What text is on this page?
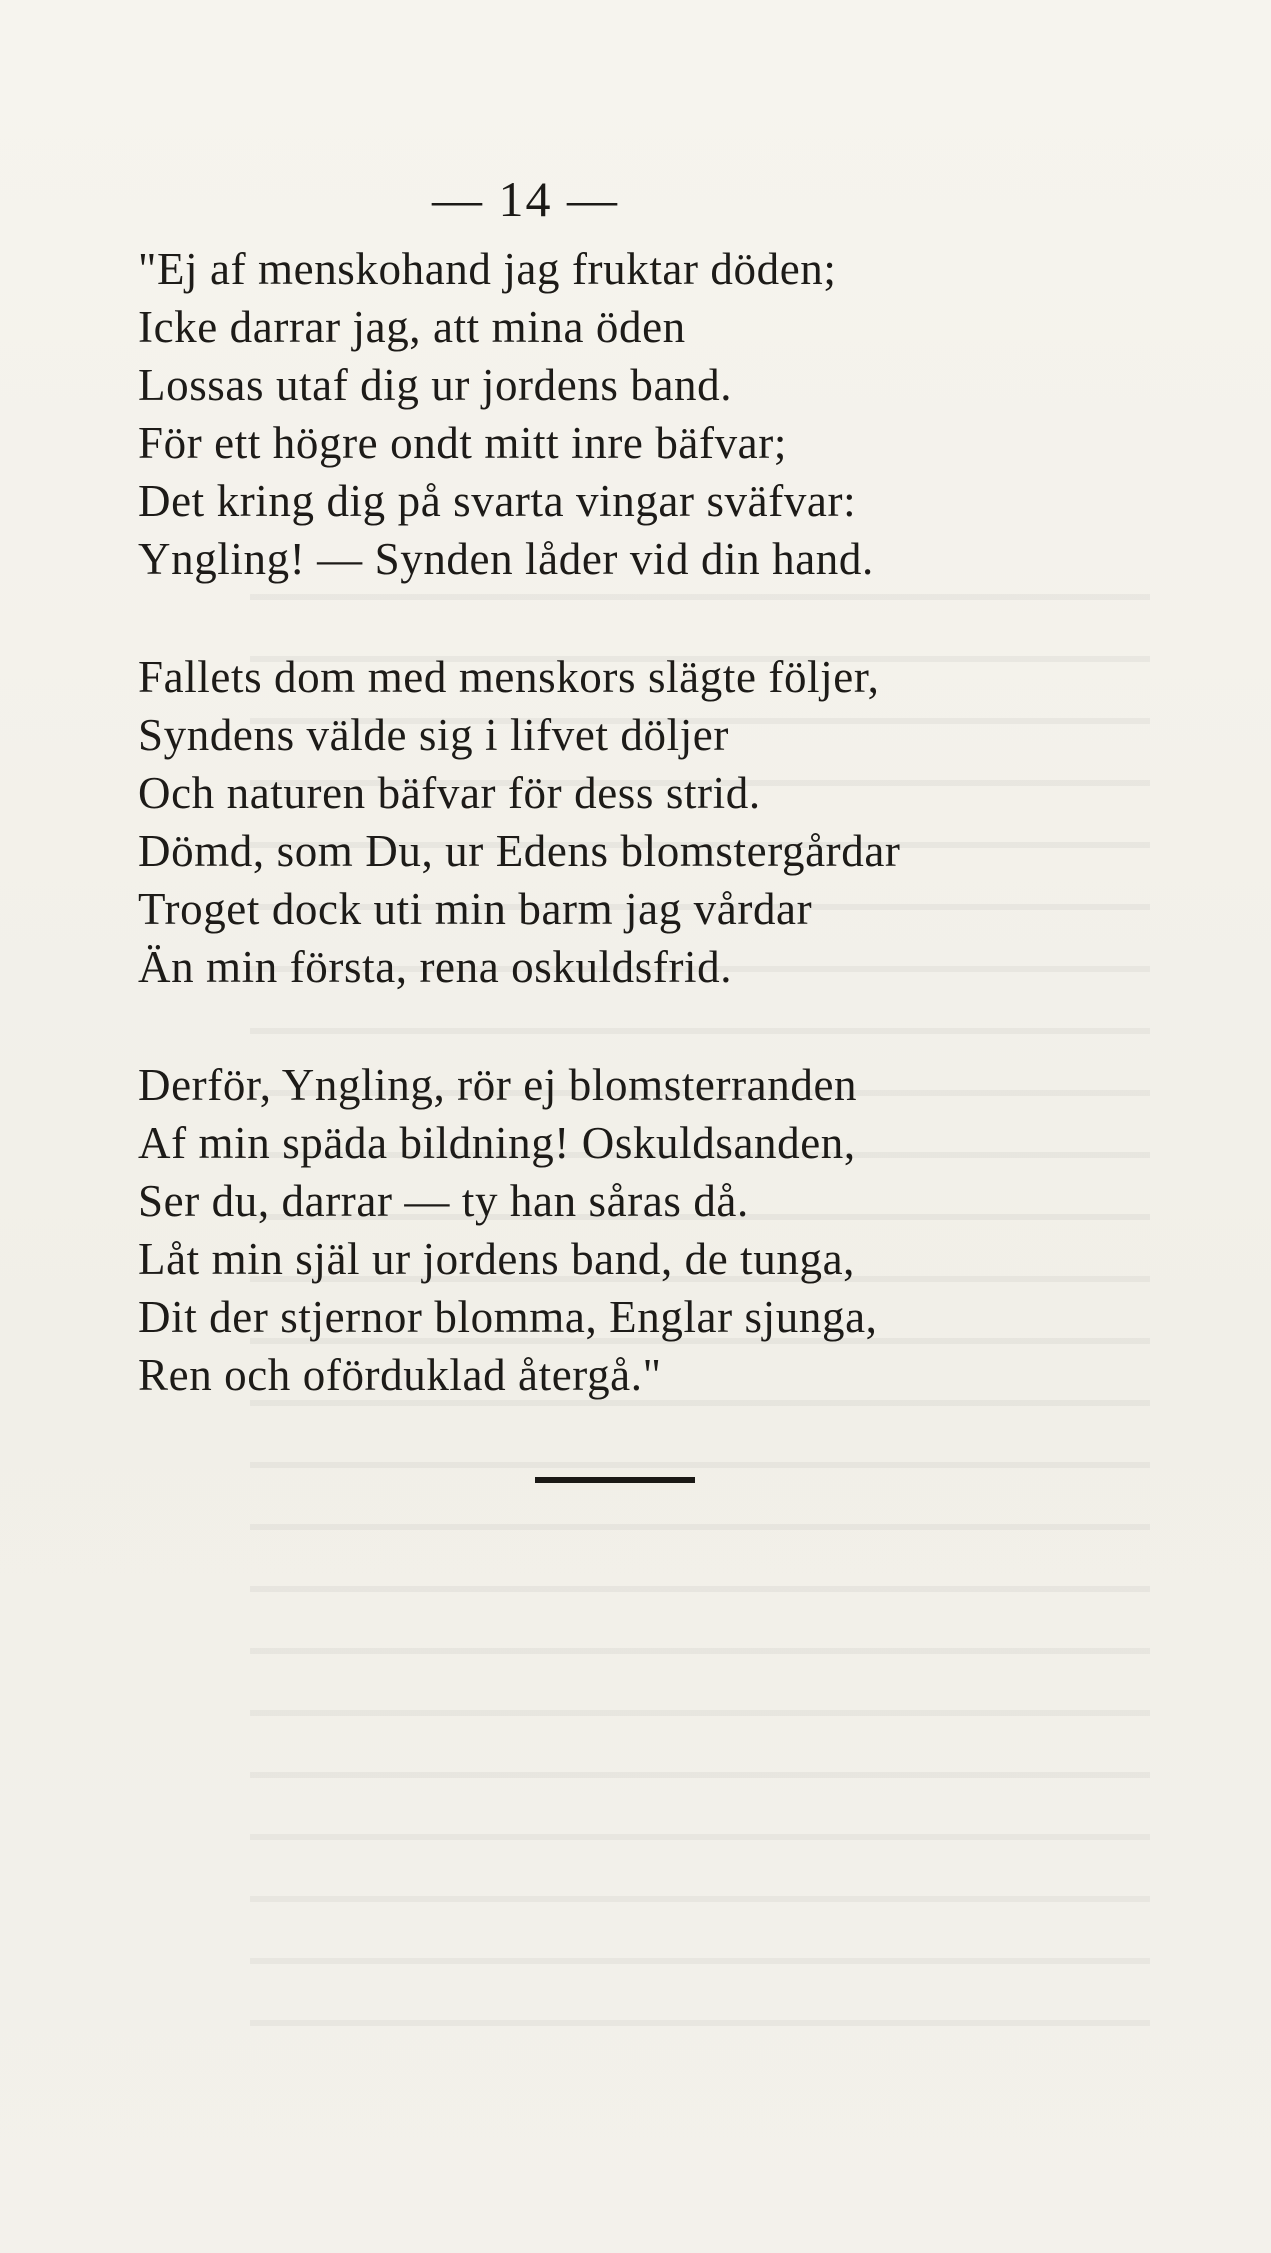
— 14 —
"Ej af menskohand jag fruktar döden;
Icke darrar jag, att mina öden
Lossas utaf dig ur jordens band.
För ett högre ondt mitt inre bäfvar;
Det kring dig på svarta vingar sväfvar:
Yngling! — Synden låder vid din hand.
Fallets dom med menskors slägte följer,
Syndens välde sig i lifvet döljer
Och naturen bäfvar för dess strid.
Dömd, som Du, ur Edens blomstergårdar
Troget dock uti min barm jag vårdar
Än min första, rena oskuldsfrid.
Derför, Yngling, rör ej blomsterranden
Af min späda bildning! Oskuldsanden,
Ser du, darrar — ty han såras då.
Låt min själ ur jordens band, de tunga,
Dit der stjernor blomma, Englar sjunga,
Ren och oförduklad återgå."
